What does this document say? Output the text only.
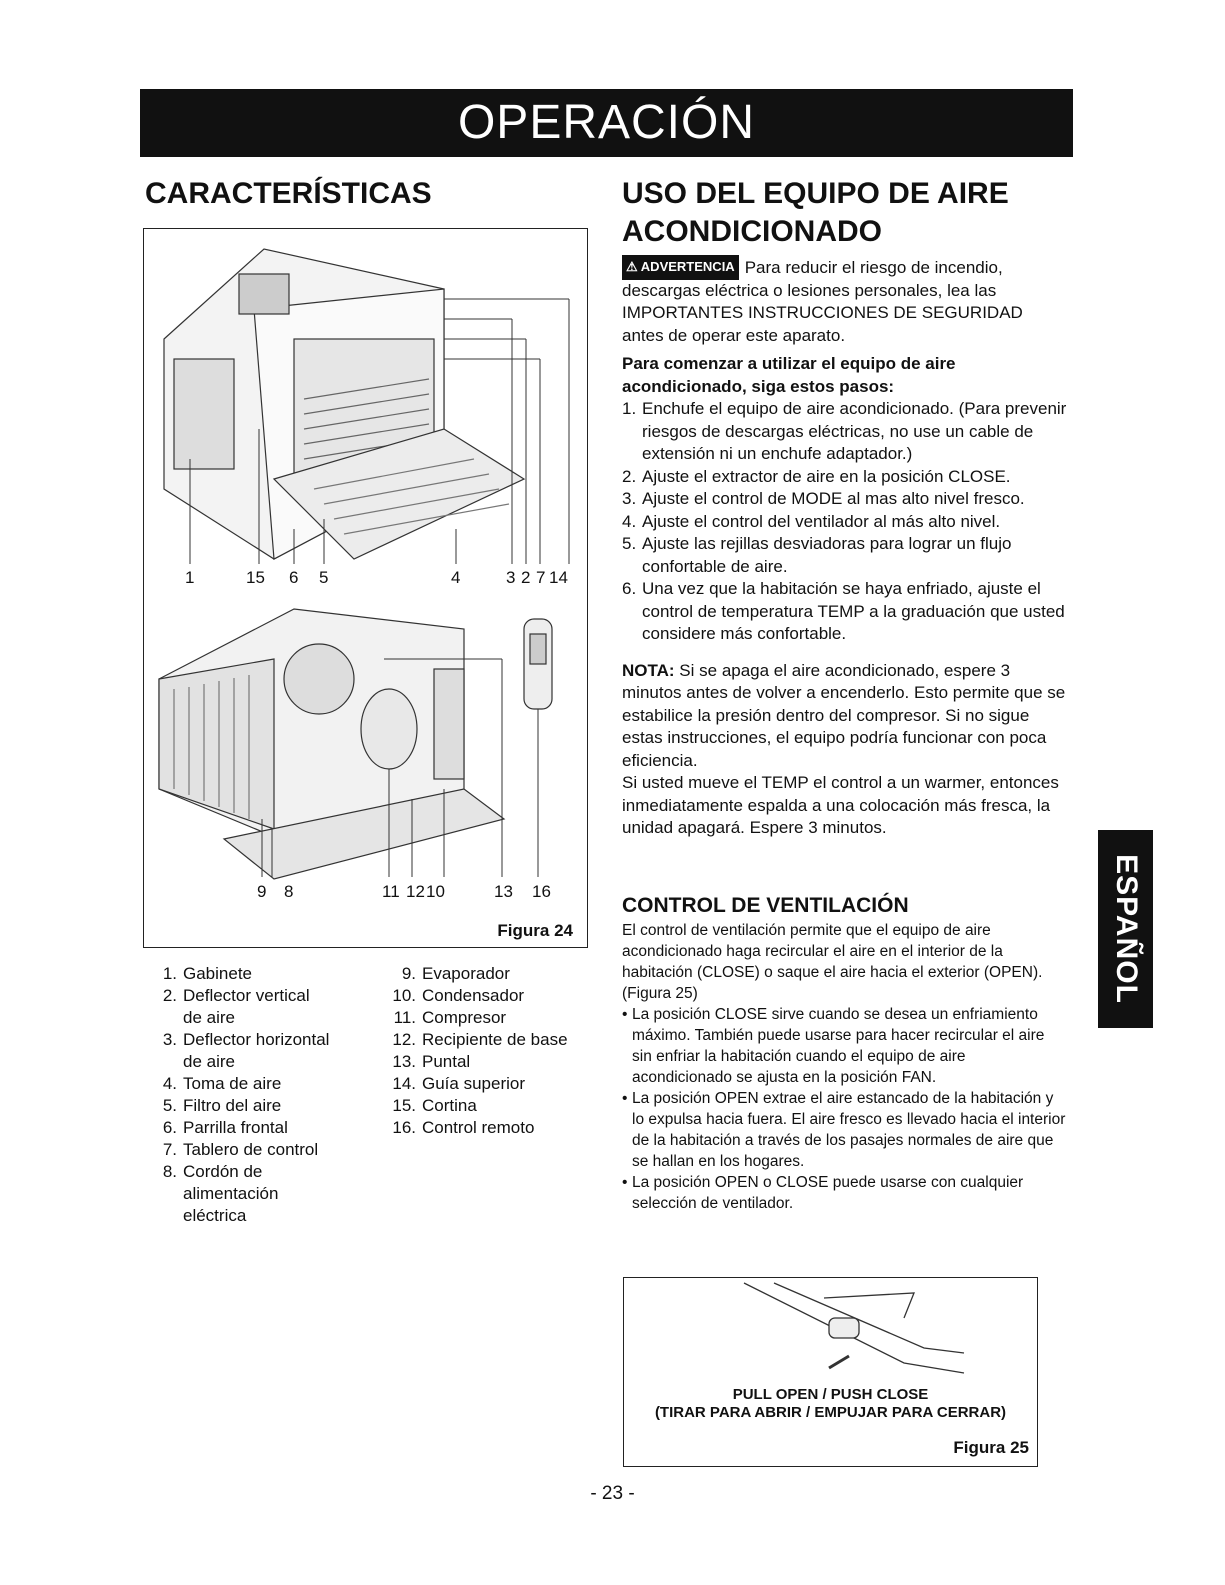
OPERACIÓN
CARACTERÍSTICAS	USO DEL EQUIPO DE AIRE ACONDICIONADO
1	15 6 5	4	3 2 7 14
9 8	11 12 10	13 16
Figura 24
1. Gabinete
2. Deflector vertical de aire
3. Deflector horizontal de aire
4. Toma de aire
5. Filtro del aire
6. Parrilla frontal
7. Tablero de control
8. Cordón de alimentación eléctrica
9. Evaporador
10. Condensador
11. Compresor
12. Recipiente de base
13. Puntal
14. Guía superior
15. Cortina
16. Control remoto
⚠ ADVERTENCIA Para reducir el riesgo de incendio, descargas eléctrica o lesiones personales, lea las IMPORTANTES INSTRUCCIONES DE SEGURIDAD antes de operar este aparato.
Para comenzar a utilizar el equipo de aire acondicionado, siga estos pasos:
1. Enchufe el equipo de aire acondicionado. (Para prevenir riesgos de descargas eléctricas, no use un cable de extensión ni un enchufe adaptador.)
2. Ajuste el extractor de aire en la posición CLOSE.
3. Ajuste el control de MODE al mas alto nivel fresco.
4. Ajuste el control del ventilador al más alto nivel.
5. Ajuste las rejillas desviadoras para lograr un flujo confortable de aire.
6. Una vez que la habitación se haya enfriado, ajuste el control de temperatura TEMP a la graduación que usted considere más confortable.
NOTA: Si se apaga el aire acondicionado, espere 3 minutos antes de volver a encenderlo. Esto permite que se estabilice la presión dentro del compresor. Si no sigue estas instrucciones, el equipo podría funcionar con poca eficiencia.
Si usted mueve el TEMP el control a un warmer, entonces inmediatamente espalda a una colocación más fresca, la unidad apagará. Espere 3 minutos.
CONTROL DE VENTILACIÓN
El control de ventilación permite que el equipo de aire acondicionado haga recircular el aire en el interior de la habitación (CLOSE) o saque el aire hacia el exterior (OPEN). (Figura 25)
• La posición CLOSE sirve cuando se desea un enfriamiento máximo. También puede usarse para hacer recircular el aire sin enfriar la habitación cuando el equipo de aire acondicionado se ajusta en la posición FAN.
• La posición OPEN extrae el aire estancado de la habitación y lo expulsa hacia fuera. El aire fresco es llevado hacia el interior de la habitación a través de los pasajes normales de aire que se hallan en los hogares.
• La posición OPEN o CLOSE puede usarse con cualquier selección de ventilador.
PULL OPEN / PUSH CLOSE
(TIRAR PARA ABRIR / EMPUJAR PARA CERRAR)
Figura 25
ESPAÑOL
- 23 -
